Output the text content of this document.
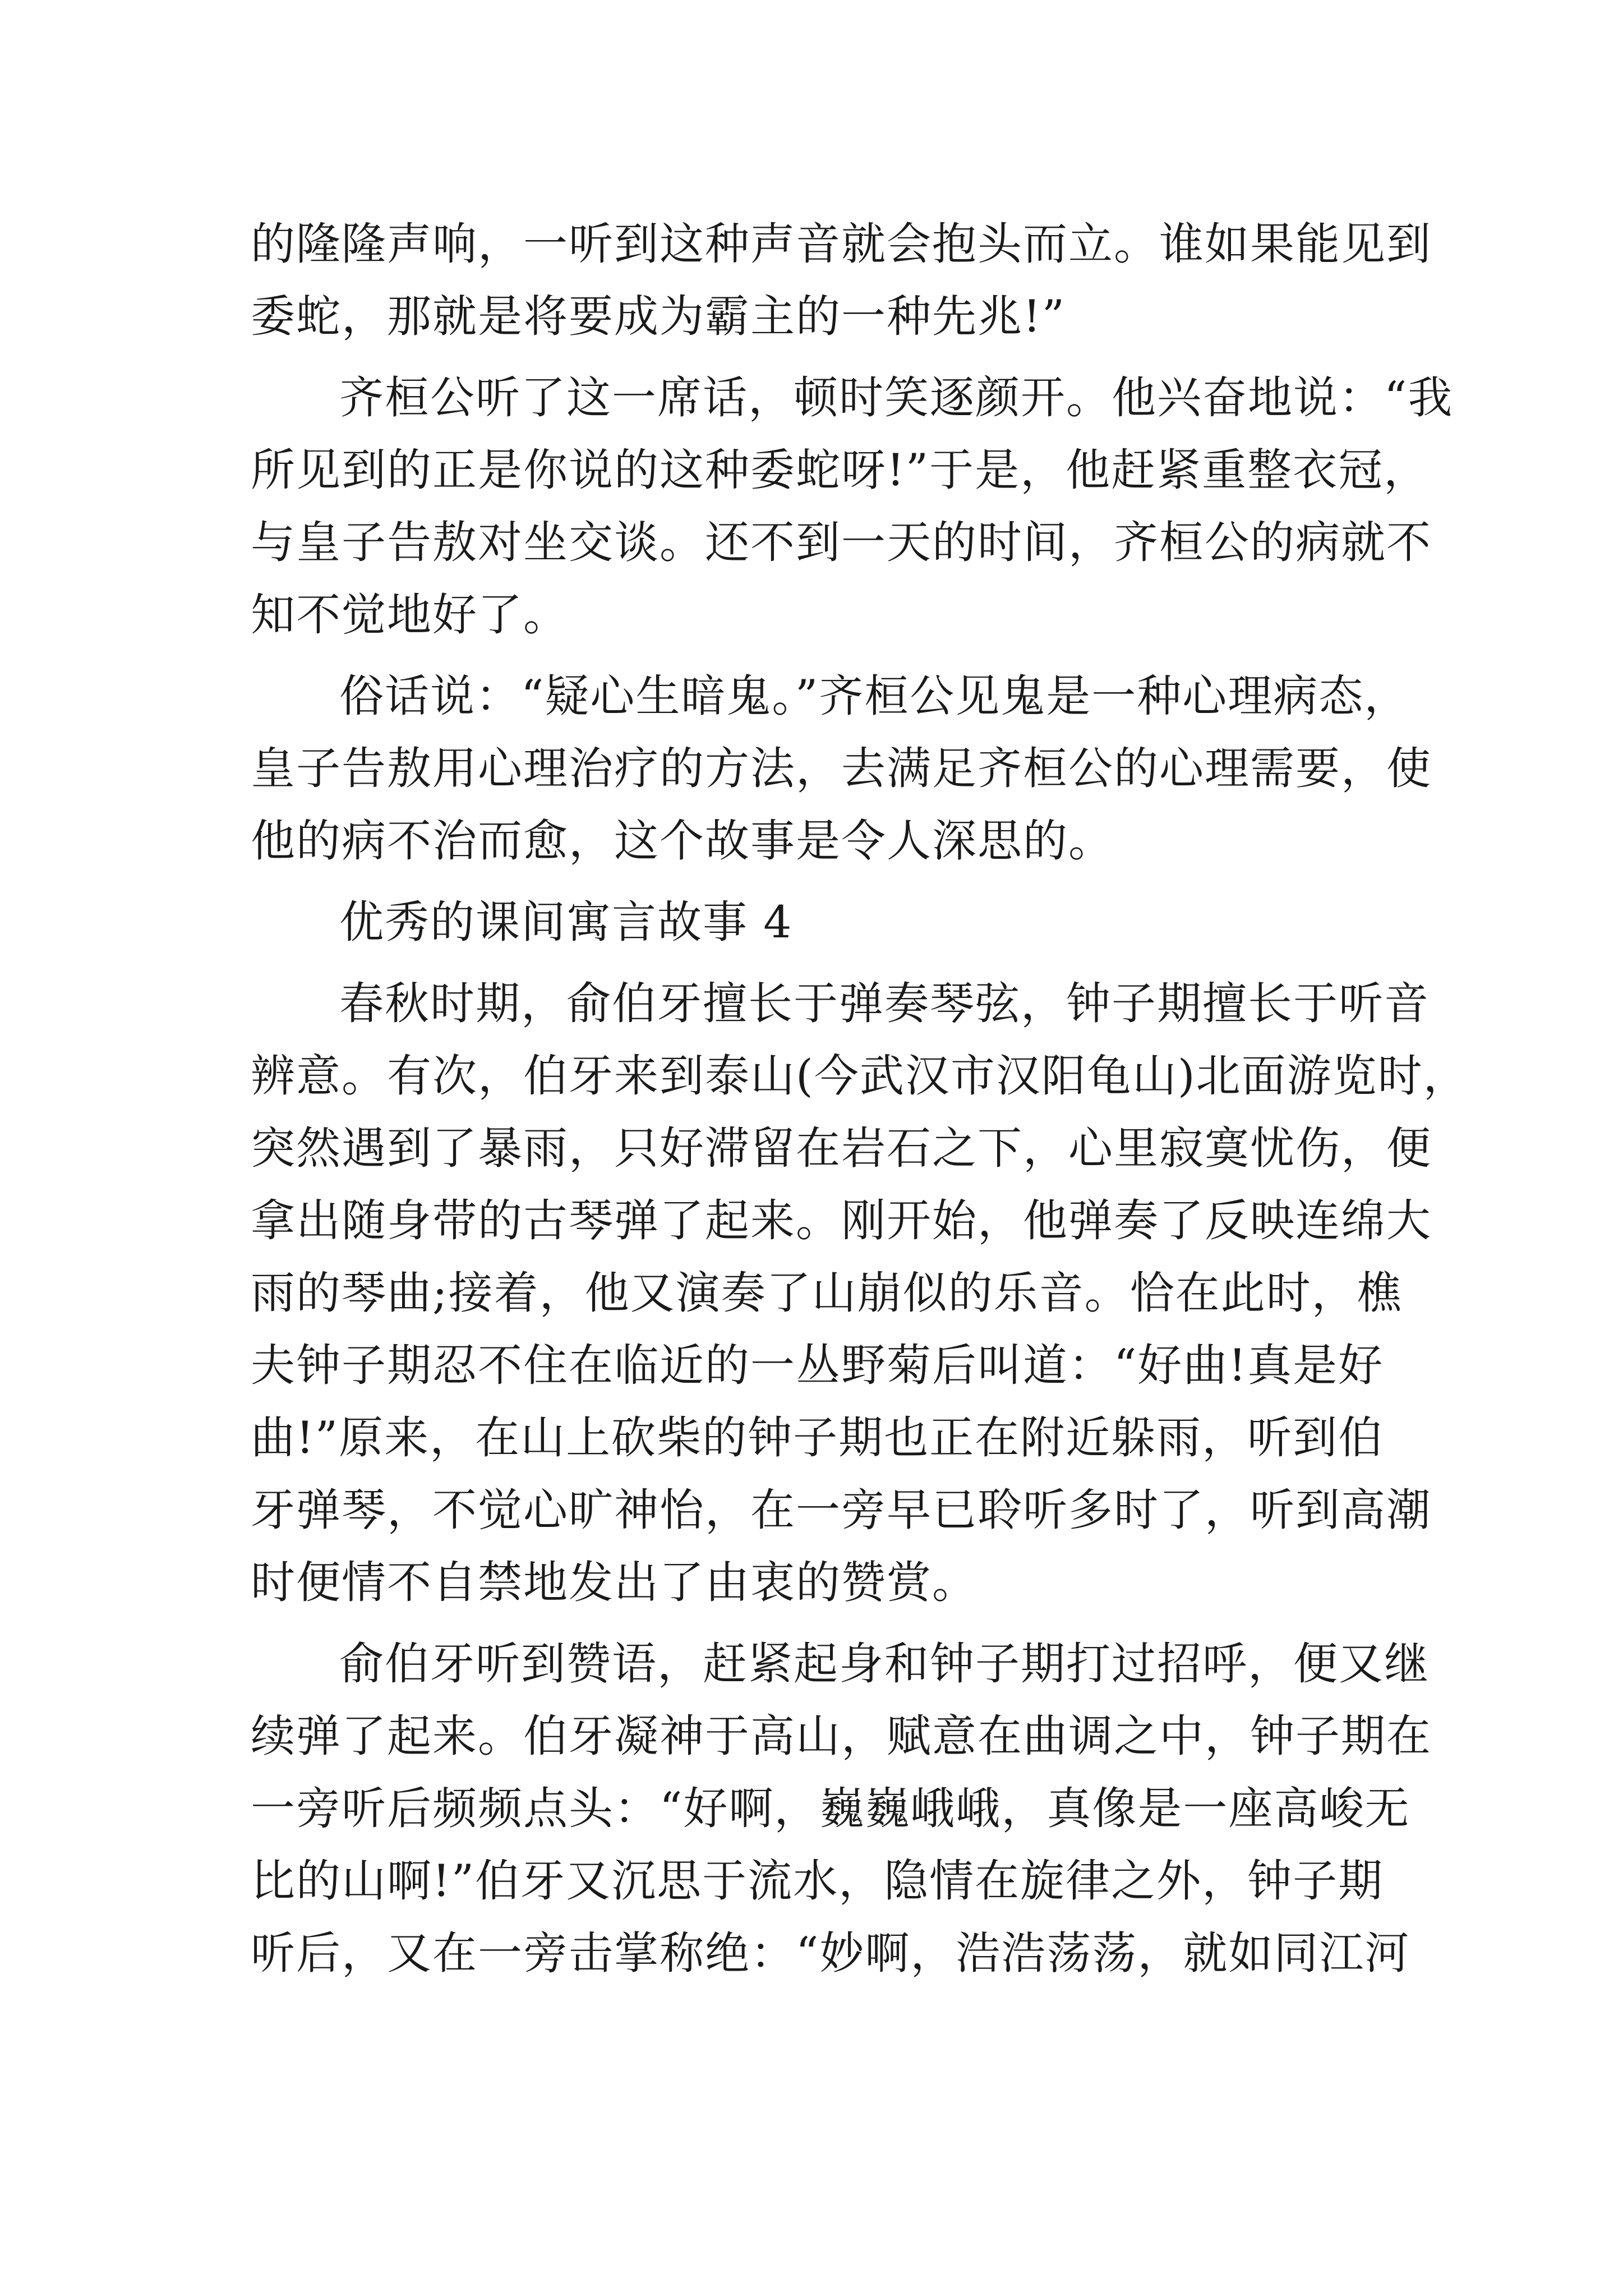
的隆隆声响，一听到这种声音就会抱头而立。谁如果能见到
委蛇，那就是将要成为霸主的一种先兆!”
齐桓公听了这一席话，顿时笑逐颜开。他兴奋地说：“我
所见到的正是你说的这种委蛇呀!”于是，他赶紧重整衣冠，
与皇子告敖对坐交谈。还不到一天的时间，齐桓公的病就不
知不觉地好了。
俗话说：“疑心生暗鬼。”齐桓公见鬼是一种心理病态，
皇子告敖用心理治疗的方法，去满足齐桓公的心理需要，使
他的病不治而愈，这个故事是令人深思的。
优秀的课间寓言故事 4
春秋时期，俞伯牙擅长于弹奏琴弦，钟子期擅长于听音
辨意。有次，伯牙来到泰山(今武汉市汉阳龟山)北面游览时，
突然遇到了暴雨，只好滞留在岩石之下，心里寂寞忧伤，便
拿出随身带的古琴弹了起来。刚开始，他弹奏了反映连绵大
雨的琴曲;接着，他又演奏了山崩似的乐音。恰在此时，樵
夫钟子期忍不住在临近的一丛野菊后叫道：“好曲!真是好
曲!”原来，在山上砍柴的钟子期也正在附近躲雨，听到伯
牙弹琴，不觉心旷神怡，在一旁早已聆听多时了，听到高潮
时便情不自禁地发出了由衷的赞赏。
俞伯牙听到赞语，赶紧起身和钟子期打过招呼，便又继
续弹了起来。伯牙凝神于高山，赋意在曲调之中，钟子期在
一旁听后频频点头：“好啊，巍巍峨峨，真像是一座高峻无
比的山啊!”伯牙又沉思于流水，隐情在旋律之外，钟子期
听后，又在一旁击掌称绝：“妙啊，浩浩荡荡，就如同江河
